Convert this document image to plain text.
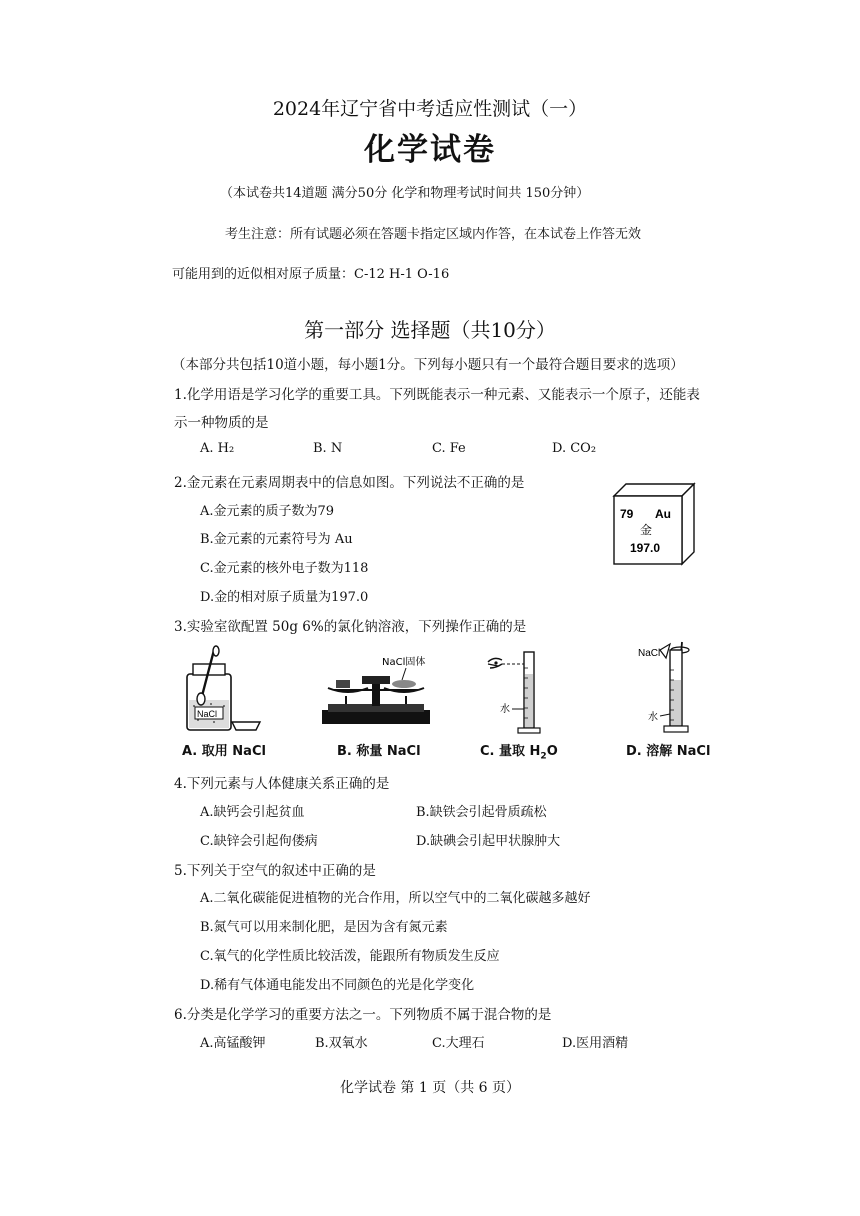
2024年辽宁省中考适应性测试（一）
化学试卷
（本试卷共14道题 满分50分 化学和物理考试时间共 150分钟）
考生注意：所有试题必须在答题卡指定区域内作答，在本试卷上作答无效
可能用到的近似相对原子质量：C-12 H-1 O-16
第一部分 选择题（共10分）
（本部分共包括10道小题，每小题1分。下列每小题只有一个最符合题目要求的选项）
1.化学用语是学习化学的重要工具。下列既能表示一种元素、又能表示一个原子，还能表
示一种物质的是
A. H₂	B. N	C. Fe	D. CO₂
2.金元素在元素周期表中的信息如图。下列说法不正确的是
A.金元素的质子数为79
B.金元素的元素符号为 Au
C.金元素的核外电子数为118
D.金的相对原子质量为197.0
79 Au
金
197.0
3.实验室欲配置 50g 6%的氯化钠溶液，下列操作正确的是
NaCl
A. 取用 NaCl
NaCl固体
B. 称量 NaCl
水
C. 量取 $H_2O$
NaCl
水
D. 溶解 NaCl
4.下列元素与人体健康关系正确的是
A.缺钙会引起贫血	B.缺铁会引起骨质疏松
C.缺锌会引起佝偻病	D.缺碘会引起甲状腺肿大
5.下列关于空气的叙述中正确的是
A.二氧化碳能促进植物的光合作用，所以空气中的二氧化碳越多越好
B.氮气可以用来制化肥，是因为含有氮元素
C.氧气的化学性质比较活泼，能跟所有物质发生反应
D.稀有气体通电能发出不同颜色的光是化学变化
6.分类是化学学习的重要方法之一。下列物质不属于混合物的是
A.高锰酸钾	B.双氧水	C.大理石	D.医用酒精
化学试卷 第 1 页（共 6 页）
